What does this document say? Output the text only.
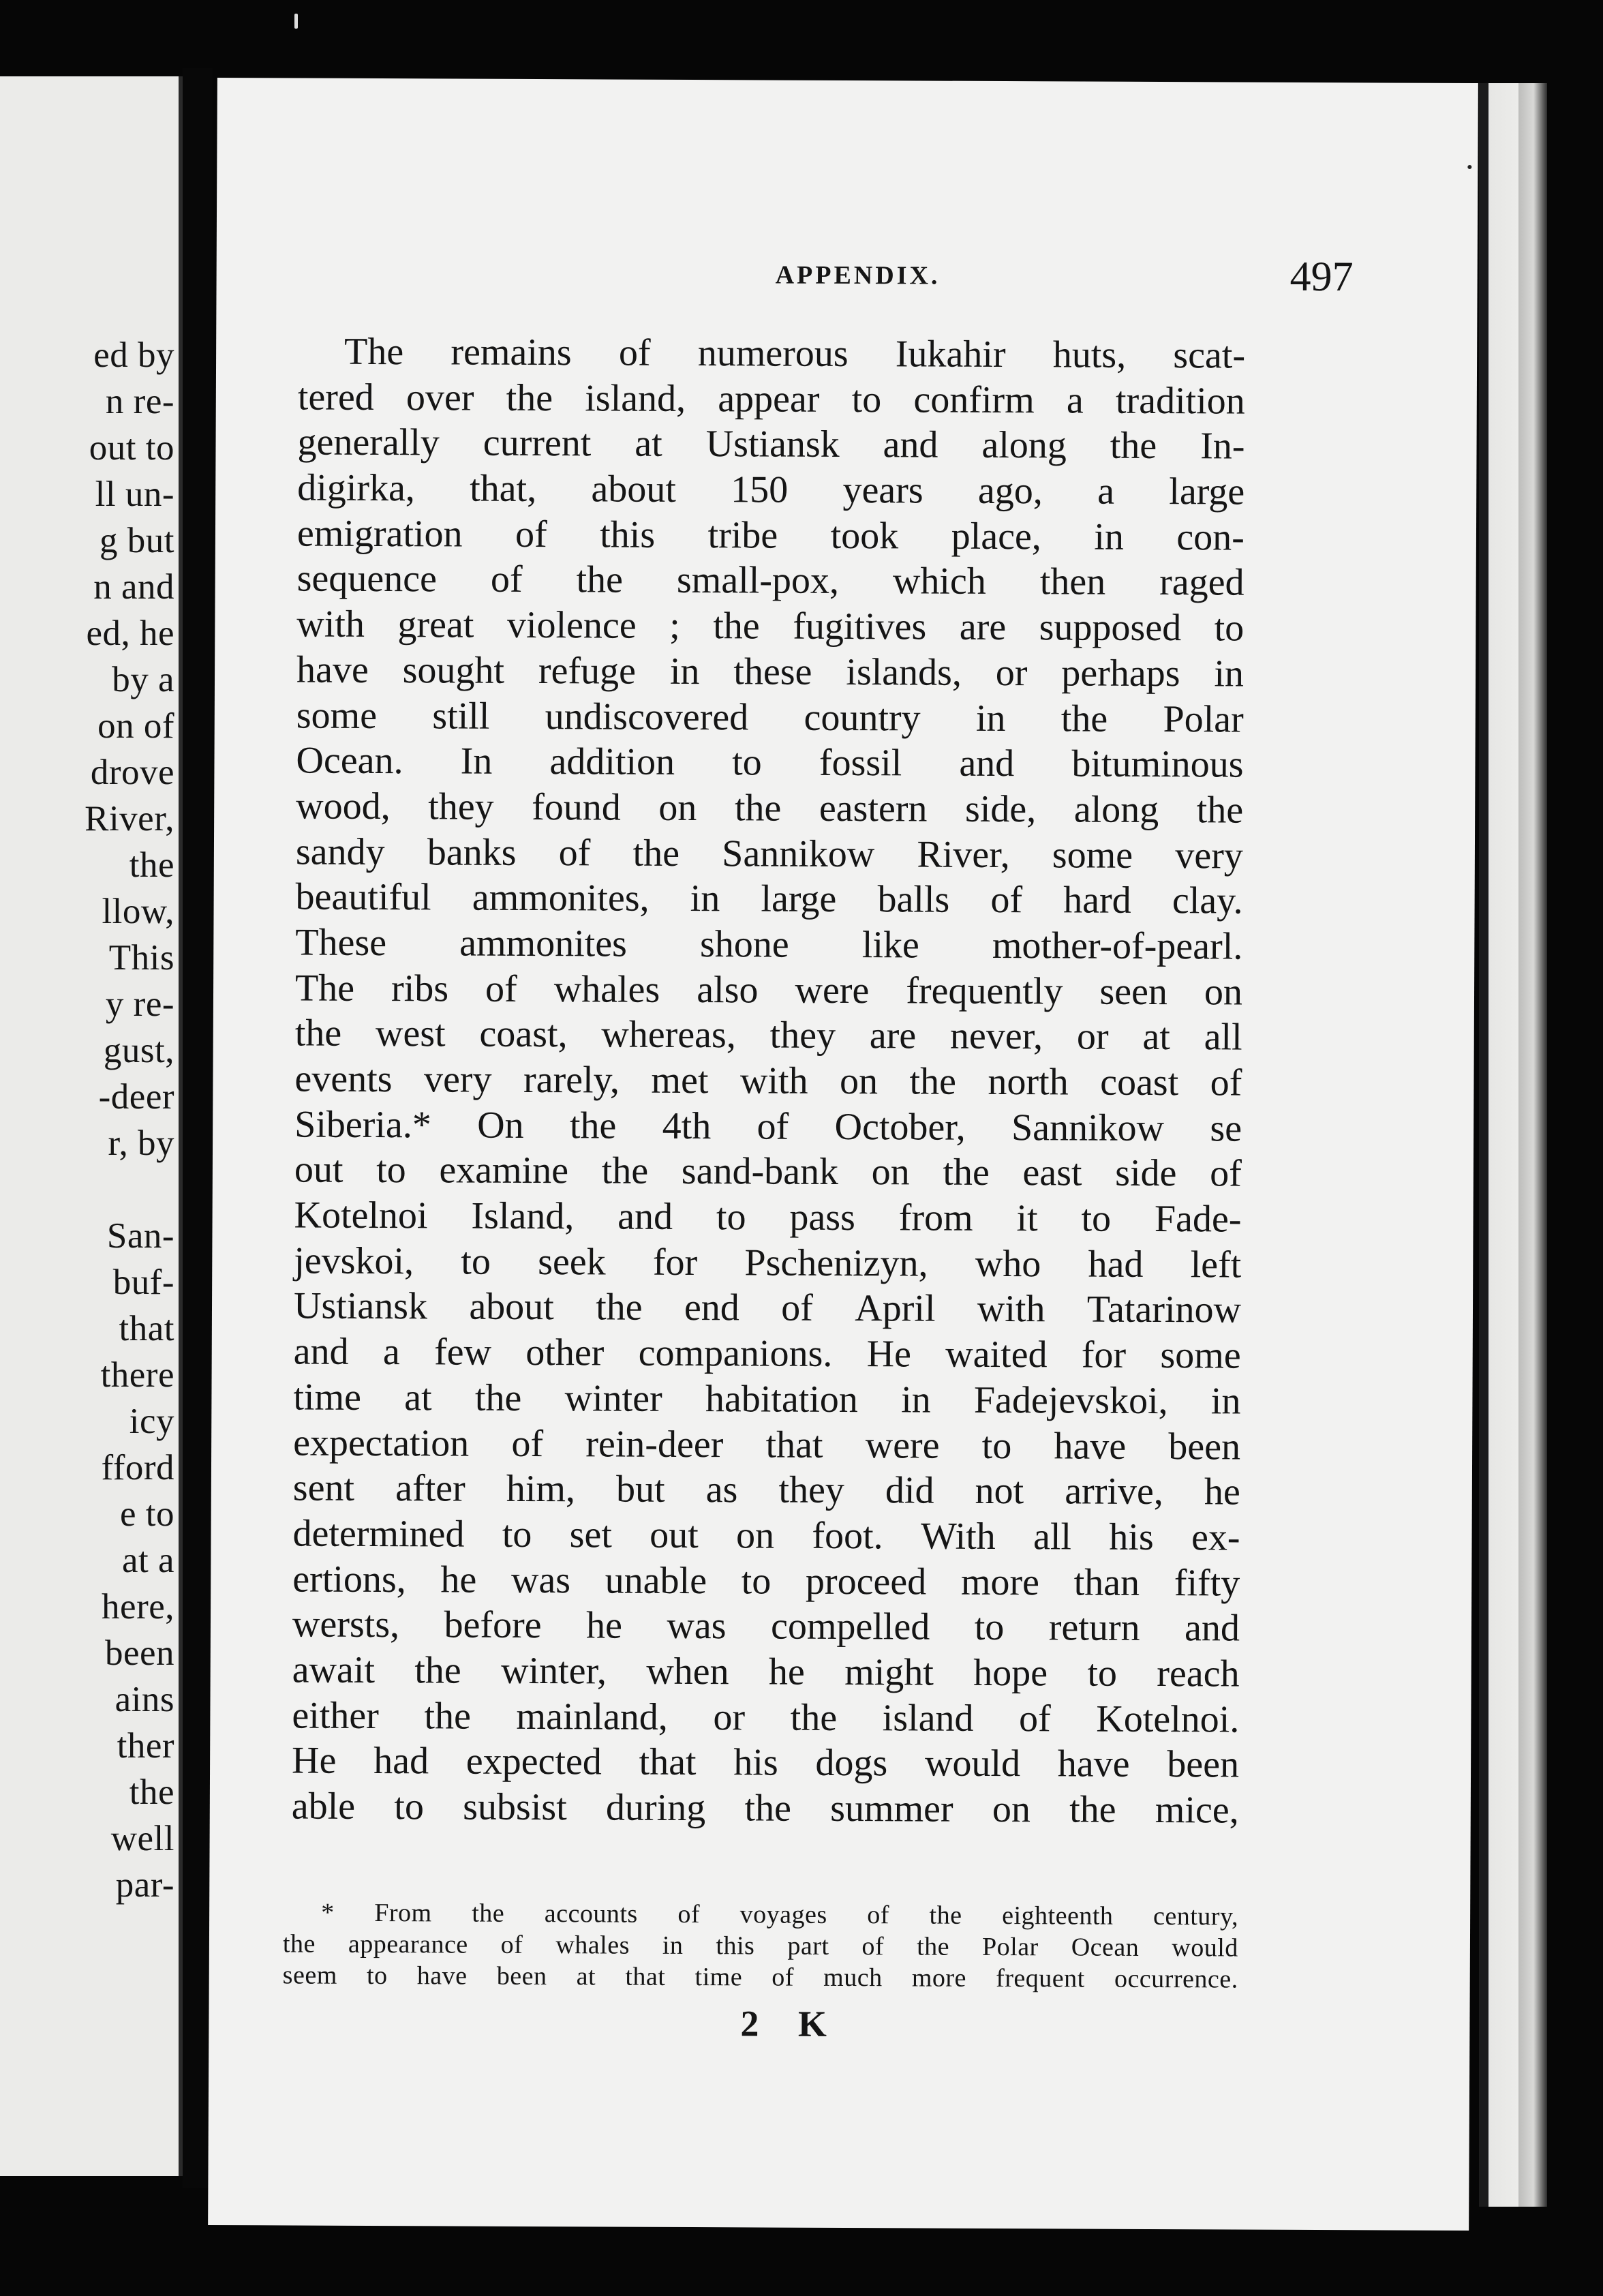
ed by
n re-
out to
ll un-
g but
n and
ed, he
by a
on of
drove
River,
the
llow,
This
y re-
gust,
-deer
r, by
San-
buf-
that
there
icy
fford
e to
at a
here,
been
ains
ther
the
well
par-
APPENDIX.	497
The remains of numerous Iukahir huts, scat-
tered over the island, appear to confirm a tradition
generally current at Ustiansk and along the In-
digirka, that, about 150 years ago, a large
emigration of this tribe took place, in con-
sequence of the small-pox, which then raged
with great violence ; the fugitives are supposed to
have sought refuge in these islands, or perhaps in
some still undiscovered country in the Polar
Ocean. In addition to fossil and bituminous
wood, they found on the eastern side, along the
sandy banks of the Sannikow River, some very
beautiful ammonites, in large balls of hard clay.
These ammonites shone like mother-of-pearl.
The ribs of whales also were frequently seen on
the west coast, whereas, they are never, or at all
events very rarely, met with on the north coast of
Siberia.* On the 4th of October, Sannikow se
out to examine the sand-bank on the east side of
Kotelnoi Island, and to pass from it to Fade-
jevskoi, to seek for Pschenizyn, who had left
Ustiansk about the end of April with Tatarinow
and a few other companions. He waited for some
time at the winter habitation in Fadejevskoi, in
expectation of rein-deer that were to have been
sent after him, but as they did not arrive, he
determined to set out on foot. With all his ex-
ertions, he was unable to proceed more than fifty
wersts, before he was compelled to return and
await the winter, when he might hope to reach
either the mainland, or the island of Kotelnoi.
He had expected that his dogs would have been
able to subsist during the summer on the mice,
* From the accounts of voyages of the eighteenth century,
the appearance of whales in this part of the Polar Ocean would
seem to have been at that time of much more frequent occurrence.
2 K
